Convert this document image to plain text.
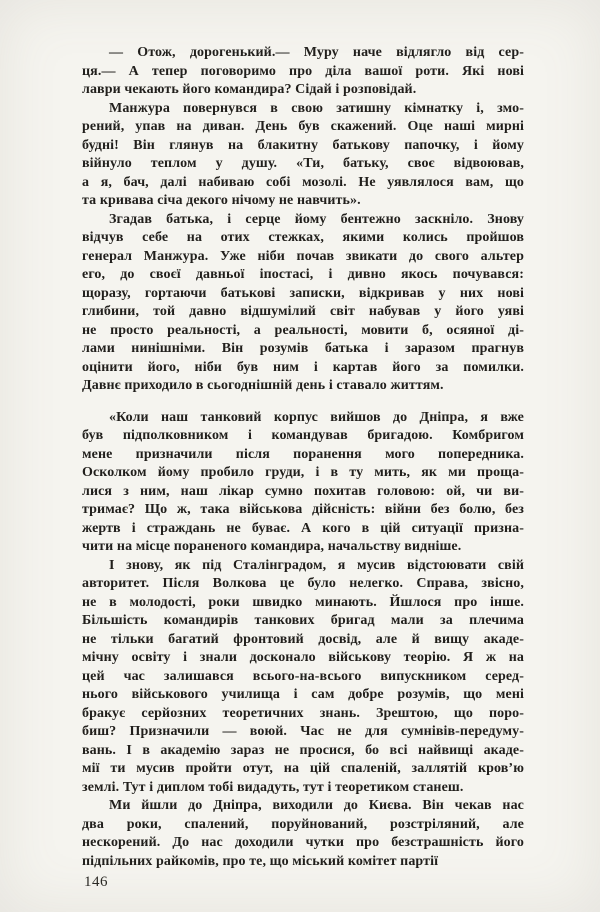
— Отож, дорогенький.— Муру наче відлягло від сер-
ця.— А тепер поговоримо про діла вашої роти. Які нові
лаври чекають його командира? Сідай і розповідай.
Манжура повернувся в свою затишну кімнатку і, змо-
рений, упав на диван. День був скажений. Оце наші мирні
будні! Він глянув на блакитну батькову папочку, і йому
війнуло теплом у душу. «Ти, батьку, своє відвоював,
а я, бач, далі набиваю собі мозолі. Не уявлялося вам, що
та кривава січа декого нічому не навчить».
Згадав батька, і серце йому бентежно заскніло. Знову
відчув себе на отих стежках, якими колись пройшов
генерал Манжура. Уже ніби почав звикати до свого альтер
его, до своєї давньої іпостасі, і дивно якось почувався:
щоразу, гортаючи батькові записки, відкривав у них нові
глибини, той давно відшумілий світ набував у його уяві
не просто реальності, а реальності, мовити б, осяяної ді-
лами нинішніми. Він розумів батька і заразом прагнув
оцінити його, ніби був ним і картав його за помилки.
Давнє приходило в сьогоднішній день і ставало життям.
«Коли наш танковий корпус вийшов до Дніпра, я вже
був підполковником і командував бригадою. Комбригом
мене призначили після поранення мого попередника.
Осколком йому пробило груди, і в ту мить, як ми проща-
лися з ним, наш лікар сумно похитав головою: ой, чи ви-
тримає? Що ж, така військова дійсність: війни без болю, без
жертв і страждань не буває. А кого в цій ситуації призна-
чити на місце пораненого командира, начальству видніше.
І знову, як під Сталінградом, я мусив відстоювати свій
авторитет. Після Волкова це було нелегко. Справа, звісно,
не в молодості, роки швидко минають. Йшлося про інше.
Більшість командирів танкових бригад мали за плечима
не тільки багатий фронтовий досвід, але й вищу акаде-
мічну освіту і знали досконало військову теорію. Я ж на
цей час залишався всього-на-всього випускником серед-
нього військового училища і сам добре розумів, що мені
бракує серйозних теоретичних знань. Зрештою, що поро-
биш? Призначили — воюй. Час не для сумнівів-передуму-
вань. І в академію зараз не просися, бо всі найвищі акаде-
мії ти мусив пройти отут, на цій спаленій, заллятій кров’ю
землі. Тут і диплом тобі видадуть, тут і теоретиком станеш.
Ми йшли до Дніпра, виходили до Києва. Він чекав нас
два роки, спалений, поруйнований, розстріляний, але
нескорений. До нас доходили чутки про безстрашність його
підпільних райкомів, про те, що міський комітет партії
146
